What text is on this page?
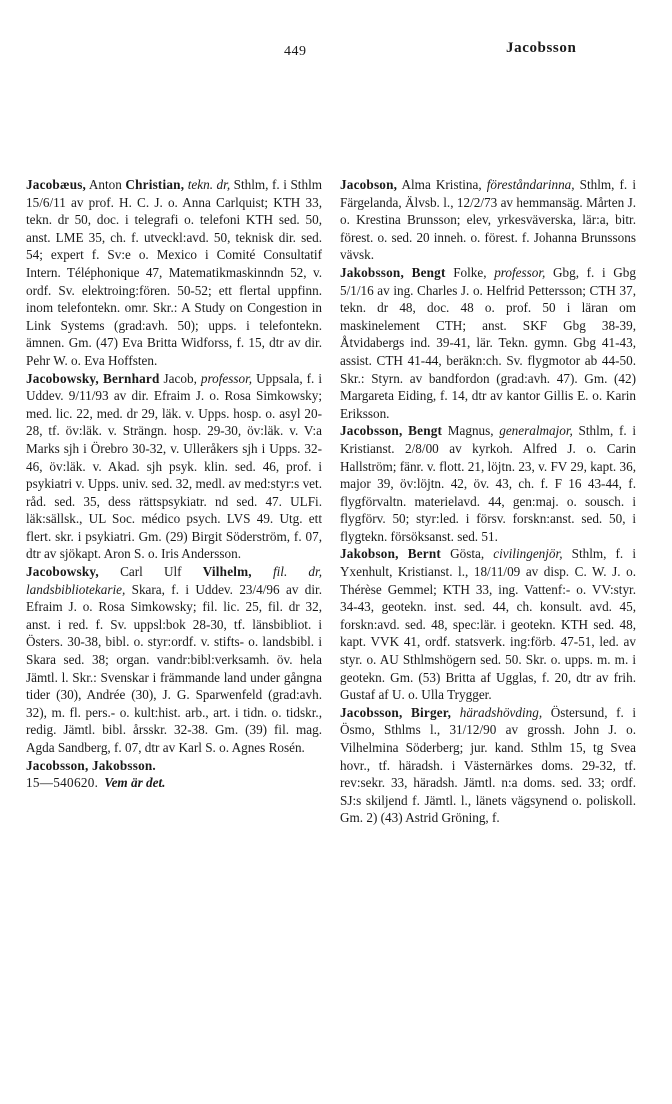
449	Jacobsson

Jacobæus, Anton Christian, tekn. dr, Sthlm, f. i Sthlm 15/6/11 av prof. H. C. J. o. Anna Carlquist; KTH 33, tekn. dr 50, doc. i telegrafi o. telefoni KTH sed. 50, anst. LME 35, ch. f. utveckl:avd. 50, teknisk dir. sed. 54; expert f. Sv:e o. Mexico i Comité Consultatif Intern. Téléphonique 47, Matematikmaskinndn 52, v. ordf. Sv. elektroing:fören. 50-52; ett flertal uppfinn. inom telefontekn. omr. Skr.: A Study on Congestion in Link Systems (grad:avh. 50); upps. i telefontekn. ämnen. Gm. (47) Eva Britta Widforss, f. 15, dtr av dir. Pehr W. o. Eva Hoffsten.

Jacobowsky, Bernhard Jacob, professor, Uppsala, f. i Uddev. 9/11/93 av dir. Efraim J. o. Rosa Simkowsky; med. lic. 22, med. dr 29, läk. v. Upps. hosp. o. asyl 20-28, tf. öv:läk. v. Strängn. hosp. 29-30, öv:läk. v. V:a Marks sjh i Örebro 30-32, v. Ulleråkers sjh i Upps. 32-46, öv:läk. v. Akad. sjh psyk. klin. sed. 46, prof. i psykiatri v. Upps. univ. sed. 32, medl. av med:styr:s vet. råd. sed. 35, dess rättspsykiatr. nd sed. 47. ULFi. läk:sällsk., UL Soc. médico psych. LVS 49. Utg. ett flert. skr. i psykiatri. Gm. (29) Birgit Söderström, f. 07, dtr av sjökapt. Aron S. o. Iris Andersson.

Jacobowsky, Carl Ulf Vilhelm, fil. dr, landsbibliotekarie, Skara, f. i Uddev. 23/4/96 av dir. Efraim J. o. Rosa Simkowsky; fil. lic. 25, fil. dr 32, anst. i red. f. Sv. uppsl:bok 28-30, tf. länsbibliot. i Östers. 30-38, bibl. o. styr:ordf. v. stifts- o. landsbibl. i Skara sed. 38; organ. vandr:bibl:verksamh. öv. hela Jämtl. l. Skr.: Svenskar i främmande land under gångna tider (30), Andrée (30), J. G. Sparwenfeld (grad:avh. 32), m. fl. pers.- o. kult:hist. arb., art. i tidn. o. tidskr., redig. Jämtl. bibl. årsskr. 32-38. Gm. (39) fil. mag. Agda Sandberg, f. 07, dtr av Karl S. o. Agnes Rosén.

Jacobsson, Jakobsson.

15—540620. Vem är det.

Jacobson, Alma Kristina, föreståndarinna, Sthlm, f. i Färgelanda, Älvsb. l., 12/2/73 av hemmansäg. Mårten J. o. Krestina Brunsson; elev, yrkesväverska, lär:a, bitr. förest. o. sed. 20 inneh. o. förest. f. Johanna Brunssons vävsk.

Jakobsson, Bengt Folke, professor, Gbg, f. i Gbg 5/1/16 av ing. Charles J. o. Helfrid Pettersson; CTH 37, tekn. dr 48, doc. 48 o. prof. 50 i läran om maskinelement CTH; anst. SKF Gbg 38-39, Åtvidabergs ind. 39-41, lär. Tekn. gymn. Gbg 41-43, assist. CTH 41-44, beräkn:ch. Sv. flygmotor ab 44-50. Skr.: Styrn. av bandfordon (grad:avh. 47). Gm. (42) Margareta Eiding, f. 14, dtr av kantor Gillis E. o. Karin Eriksson.

Jacobsson, Bengt Magnus, generalmajor, Sthlm, f. i Kristianst. 2/8/00 av kyrkoh. Alfred J. o. Carin Hallström; fänr. v. flott. 21, löjtn. 23, v. FV 29, kapt. 36, major 39, öv:löjtn. 42, öv. 43, ch. f. F 16 43-44, f. flygförvaltn. materielavd. 44, gen:maj. o. sousch. i flygförv. 50; styr:led. i försv. forskn:anst. sed. 50, i flygtekn. försöksanst. sed. 51.

Jakobson, Bernt Gösta, civilingenjör, Sthlm, f. i Yxenhult, Kristianst. l., 18/11/09 av disp. C. W. J. o. Thérèse Gemmel; KTH 33, ing. Vattenf:- o. VV:styr. 34-43, geotekn. inst. sed. 44, ch. konsult. avd. 45, forskn:avd. sed. 48, spec:lär. i geotekn. KTH sed. 48, kapt. VVK 41, ordf. statsverk. ing:förb. 47-51, led. av styr. o. AU Sthlmshögern sed. 50. Skr. o. upps. m. m. i geotekn. Gm. (53) Britta af Ugglas, f. 20, dtr av frih. Gustaf af U. o. Ulla Trygger.

Jacobsson, Birger, häradshövding, Östersund, f. i Ösmo, Sthlms l., 31/12/90 av grossh. John J. o. Vilhelmina Söderberg; jur. kand. Sthlm 15, tg Svea hovr., tf. häradsh. i Västernärkes doms. 29-32, tf. rev:sekr. 33, häradsh. Jämtl. n:a doms. sed. 33; ordf. SJ:s skiljend f. Jämtl. l., länets vägsynend o. poliskoll. Gm. 2) (43) Astrid Gröning, f.
